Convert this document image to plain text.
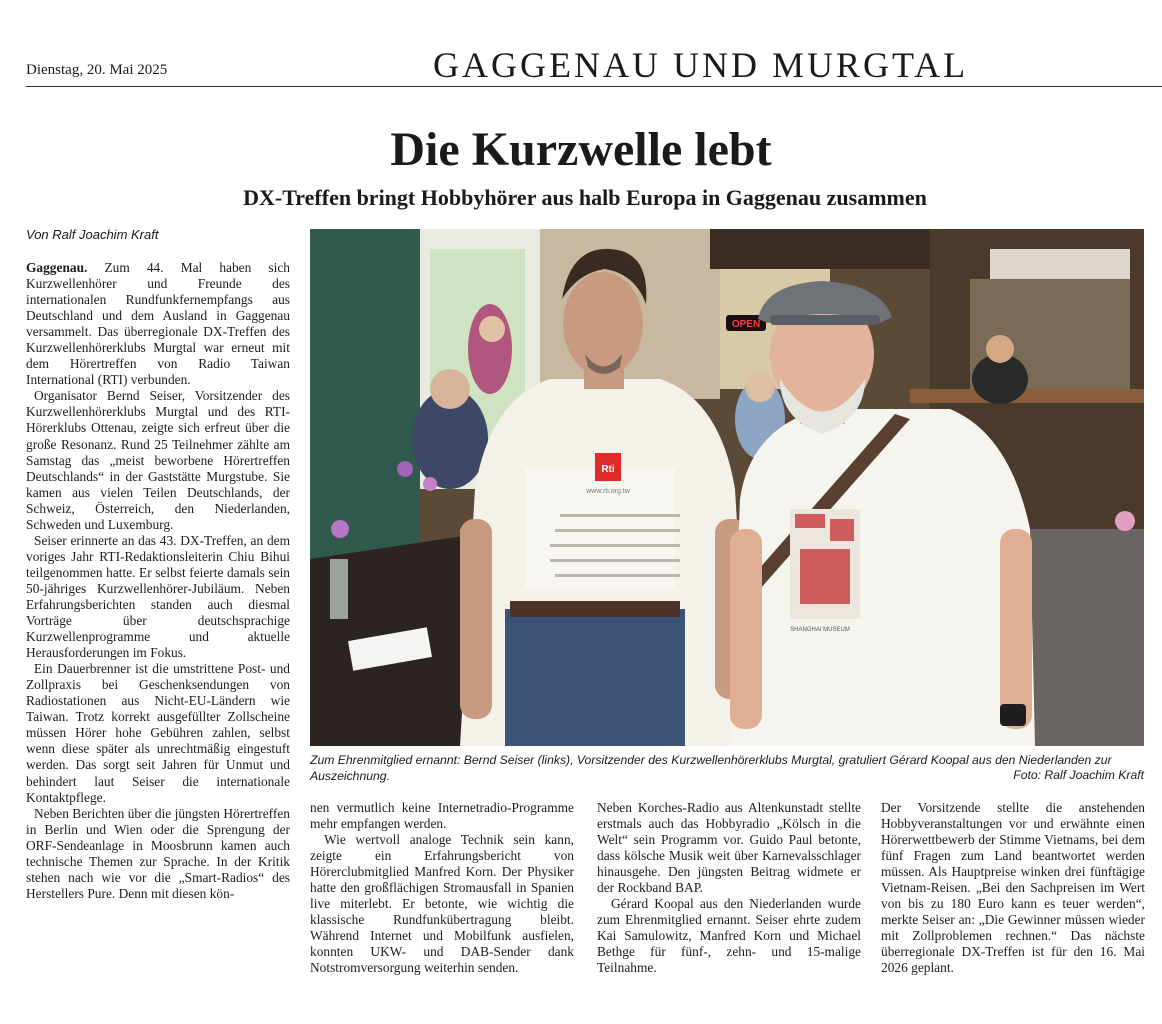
Dienstag, 20. Mai 2025	GAGGENAU UND MURGTAL
Die Kurzwelle lebt
DX-Treffen bringt Hobbyhörer aus halb Europa in Gaggenau zusammen
Von Ralf Joachim Kraft

Gaggenau. Zum 44. Mal haben sich Kurzwellenhörer und Freunde des internationalen Rundfunkfernempfangs aus Deutschland und dem Ausland in Gaggenau versammelt. Das überregionale DX-Treffen des Kurzwellenhörerklubs Murgtal war erneut mit dem Hörertreffen von Radio Taiwan International (RTI) verbunden.

Organisator Bernd Seiser, Vorsitzender des Kurzwellenhörerklubs Murgtal und des RTI-Hörerklubs Ottenau, zeigte sich erfreut über die große Resonanz. Rund 25 Teilnehmer zählte am Samstag das „meist beworbene Hörertreffen Deutschlands“ in der Gaststätte Murgstube. Sie kamen aus vielen Teilen Deutschlands, der Schweiz, Österreich, den Niederlanden, Schweden und Luxemburg.

Seiser erinnerte an das 43. DX-Treffen, an dem voriges Jahr RTI-Redaktionsleiterin Chiu Bihui teilgenommen hatte. Er selbst feierte damals sein 50-jähriges Kurzwellenhörer-Jubiläum. Neben Erfahrungsberichten standen auch diesmal Vorträge über deutschsprachige Kurzwellenprogramme und aktuelle Herausforderungen im Fokus.

Ein Dauerbrenner ist die umstrittene Post- und Zollpraxis bei Geschenksendungen von Radiostationen aus Nicht-EU-Ländern wie Taiwan. Trotz korrekt ausgefüllter Zollscheine müssen Hörer hohe Gebühren zahlen, selbst wenn diese später als unrechtmäßig eingestuft werden. Das sorgt seit Jahren für Unmut und behindert laut Seiser die internationale Kontaktpflege.

Neben Berichten über die jüngsten Hörertreffen in Berlin und Wien oder die Sprengung der ORF-Sendeanlage in Moosbrunn kamen auch technische Themen zur Sprache. In der Kritik stehen nach wie vor die „Smart-Radios“ des Herstellers Pure. Denn mit diesen kön-

OPEN
Rti
www.rti.org.tw
SHANGHAI MUSEUM
Zum Ehrenmitglied ernannt: Bernd Seiser (links), Vorsitzender des Kurzwellenhörerklubs Murgtal, gratuliert Gérard Koopal aus den Niederlanden zur Auszeichnung.	Foto: Ralf Joachim Kraft

nen vermutlich keine Internetradio-Programme mehr empfangen werden.

Wie wertvoll analoge Technik sein kann, zeigte ein Erfahrungsbericht von Hörerclubmitglied Manfred Korn. Der Physiker hatte den großflächigen Stromausfall in Spanien live miterlebt. Er betonte, wie wichtig die klassische Rundfunkübertragung bleibt. Während Internet und Mobilfunk ausfielen, konnten UKW- und DAB-Sender dank Notstromversorgung weiterhin senden.

Neben Korches-Radio aus Altenkunstadt stellte erstmals auch das Hobbyradio „Kölsch in die Welt“ sein Programm vor. Guido Paul betonte, dass kölsche Musik weit über Karnevalsschlager hinausgehe. Den jüngsten Beitrag widmete er der Rockband BAP.

Gérard Koopal aus den Niederlanden wurde zum Ehrenmitglied ernannt. Seiser ehrte zudem Kai Samulowitz, Manfred Korn und Michael Bethge für fünf-, zehn- und 15-malige Teilnahme.

Der Vorsitzende stellte die anstehenden Hobbyveranstaltungen vor und erwähnte einen Hörerwettbewerb der Stimme Vietnams, bei dem fünf Fragen zum Land beantwortet werden müssen. Als Hauptpreise winken drei fünftägige Vietnam-Reisen. „Bei den Sachpreisen im Wert von bis zu 180 Euro kann es teuer werden“, merkte Seiser an: „Die Gewinner müssen wieder mit Zollproblemen rechnen.“ Das nächste überregionale DX-Treffen ist für den 16. Mai 2026 geplant.
